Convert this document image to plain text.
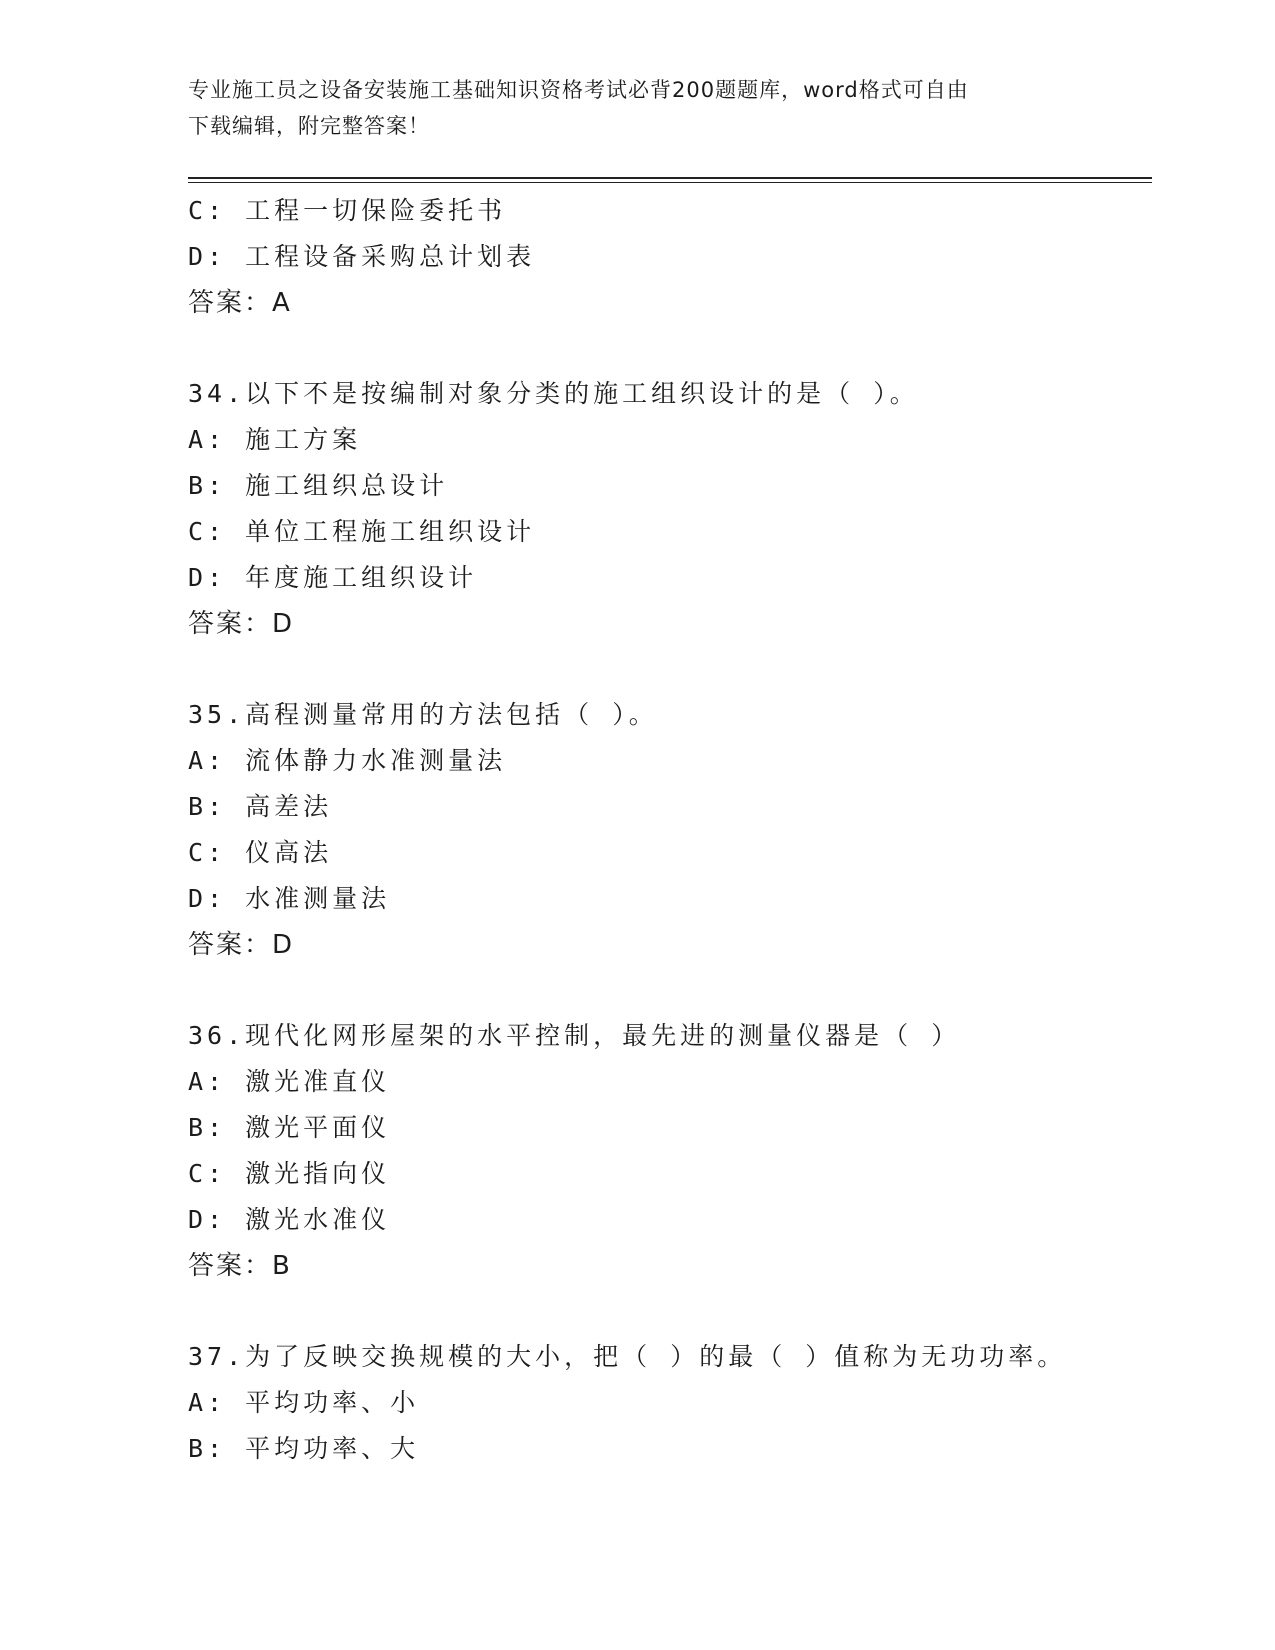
专业施工员之设备安装施工基础知识资格考试必背200题题库，word格式可自由
下载编辑，附完整答案！
C: 工程一切保险委托书
D: 工程设备采购总计划表
答案：A
34.以下不是按编制对象分类的施工组织设计的是（ ）。
A: 施工方案
B: 施工组织总设计
C: 单位工程施工组织设计
D: 年度施工组织设计
答案：D
35.高程测量常用的方法包括（ ）。
A: 流体静力水准测量法
B: 高差法
C: 仪高法
D: 水准测量法
答案：D
36.现代化网形屋架的水平控制，最先进的测量仪器是（ ）
A: 激光准直仪
B: 激光平面仪
C: 激光指向仪
D: 激光水准仪
答案：B
37.为了反映交换规模的大小，把（ ）的最（ ）值称为无功功率。
A: 平均功率、小
B: 平均功率、大
